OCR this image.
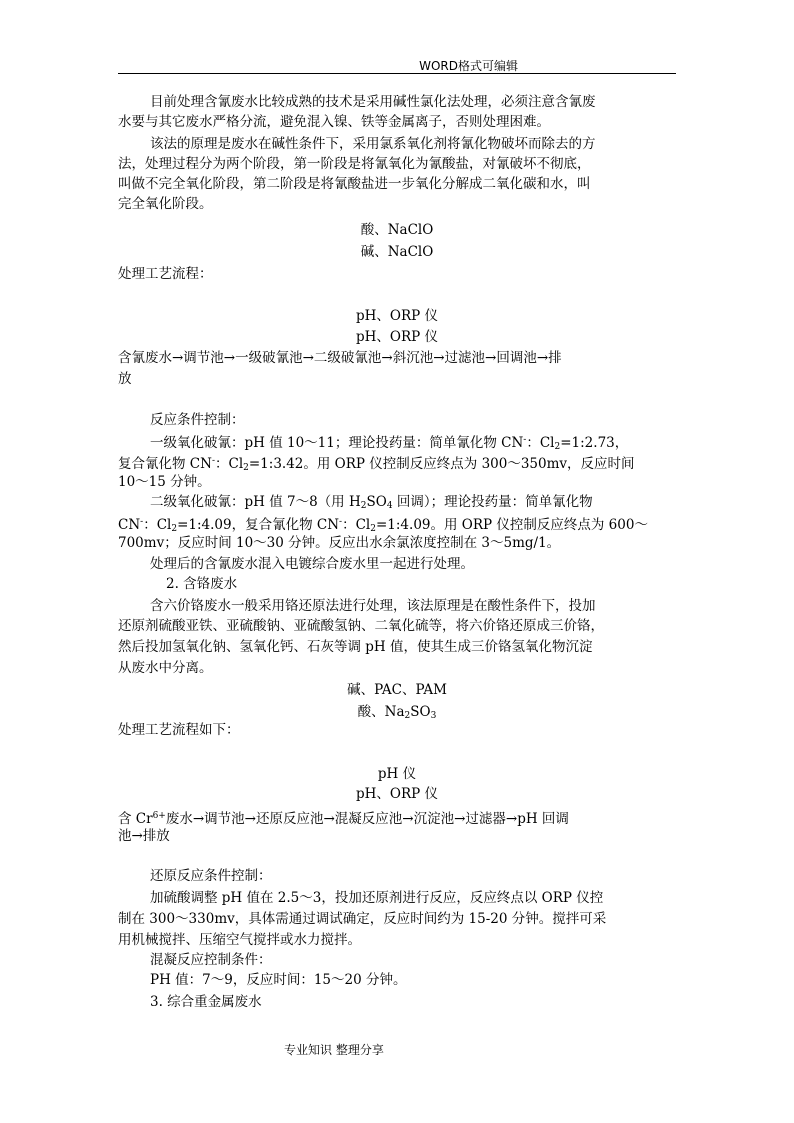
WORD格式可编辑
目前处理含氰废水比较成熟的技术是采用碱性氯化法处理，必须注意含氰废
水要与其它废水严格分流，避免混入镍、铁等金属离子，否则处理困难。
该法的原理是废水在碱性条件下，采用氯系氧化剂将氰化物破坏而除去的方
法，处理过程分为两个阶段，第一阶段是将氰氧化为氰酸盐，对氰破坏不彻底，
叫做不完全氧化阶段，第二阶段是将氰酸盐进一步氧化分解成二氧化碳和水，叫
完全氧化阶段。
酸、NaClO
碱、NaClO
处理工艺流程：
pH、ORP 仪
pH、ORP 仪
含氰废水→调节池→一级破氰池→二级破氰池→斜沉池→过滤池→回调池→排
放
反应条件控制：
一级氧化破氰：pH 值 10～11；理论投药量：简单氰化物 CN-：$Cl_2=1:2.73$，
复合氰化物 CN-：$Cl_2=1:3.42$。用 ORP 仪控制反应终点为 300～350mv，反应时间
10～15 分钟。
二级氧化破氰：pH 值 7～8（用 $H_2SO_4$ 回调）；理论投药量：简单氰化物
CN-：$Cl_2=1:4.09$，复合氰化物 CN-：$Cl_2=1:4.09$。用 ORP 仪控制反应终点为 600～
700mv；反应时间 10～30 分钟。反应出水余氯浓度控制在 3～5mg/1。
处理后的含氰废水混入电镀综合废水里一起进行处理。
2. 含铬废水
含六价铬废水一般采用铬还原法进行处理，该法原理是在酸性条件下，投加
还原剂硫酸亚铁、亚硫酸钠、亚硫酸氢钠、二氧化硫等，将六价铬还原成三价铬，
然后投加氢氧化钠、氢氧化钙、石灰等调 pH 值，使其生成三价铬氢氧化物沉淀
从废水中分离。
碱、PAC、PAM
酸、$Na_2SO_3$
处理工艺流程如下：
pH 仪
pH、ORP 仪
含 $Cr^{6+}$废水→调节池→还原反应池→混凝反应池→沉淀池→过滤器→pH 回调
池→排放
还原反应条件控制：
加硫酸调整 pH 值在 2.5～3，投加还原剂进行反应，反应终点以 ORP 仪控
制在 300～330mv，具体需通过调试确定，反应时间约为 15-20 分钟。搅拌可采
用机械搅拌、压缩空气搅拌或水力搅拌。
混凝反应控制条件：
PH 值：7～9，反应时间：15～20 分钟。
3. 综合重金属废水
专业知识 整理分享
